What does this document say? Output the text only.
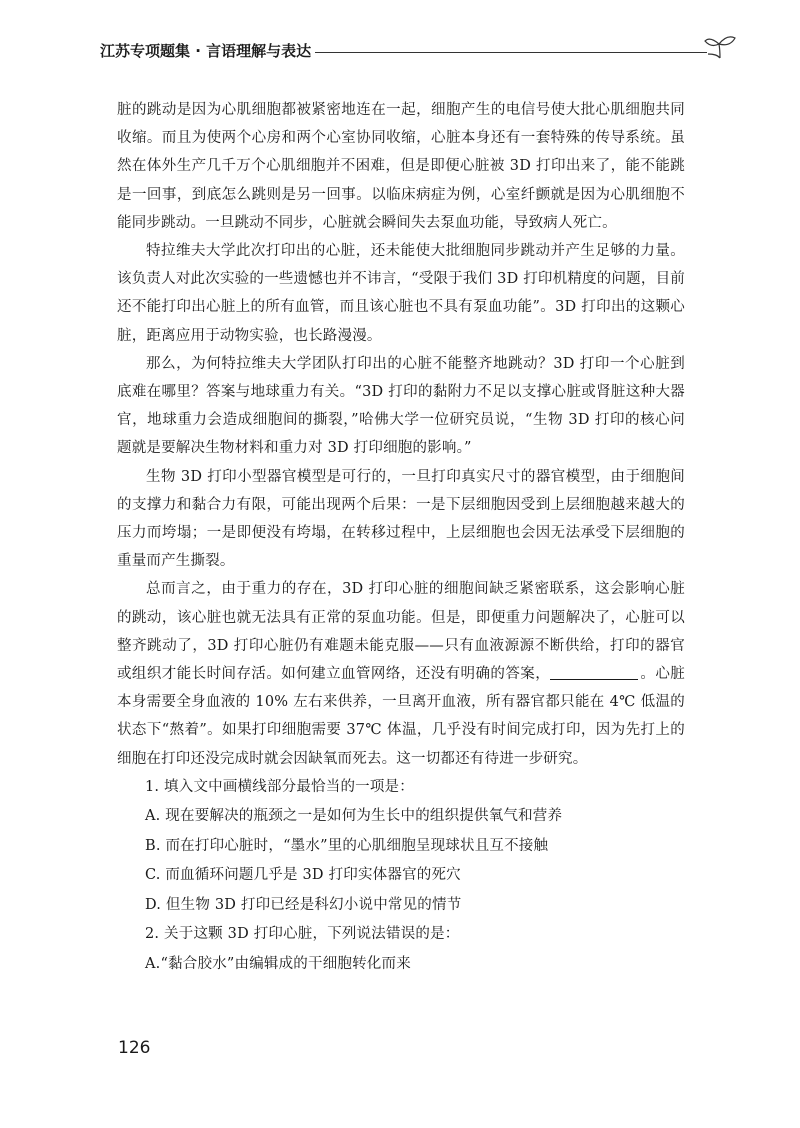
江苏专项题集 · 言语理解与表达

脏的跳动是因为心肌细胞都被紧密地连在一起，细胞产生的电信号使大批心肌细胞共同收缩。而且为使两个心房和两个心室协同收缩，心脏本身还有一套特殊的传导系统。虽然在体外生产几千万个心肌细胞并不困难，但是即便心脏被 3D 打印出来了，能不能跳是一回事，到底怎么跳则是另一回事。以临床病症为例，心室纤颤就是因为心肌细胞不能同步跳动。一旦跳动不同步，心脏就会瞬间失去泵血功能，导致病人死亡。

特拉维夫大学此次打印出的心脏，还未能使大批细胞同步跳动并产生足够的力量。该负责人对此次实验的一些遗憾也并不讳言，“受限于我们 3D 打印机精度的问题，目前还不能打印出心脏上的所有血管，而且该心脏也不具有泵血功能”。3D 打印出的这颗心脏，距离应用于动物实验，也长路漫漫。

那么，为何特拉维夫大学团队打印出的心脏不能整齐地跳动？3D 打印一个心脏到底难在哪里？答案与地球重力有关。“3D 打印的黏附力不足以支撑心脏或肾脏这种大器官，地球重力会造成细胞间的撕裂，”哈佛大学一位研究员说，“生物 3D 打印的核心问题就是要解决生物材料和重力对 3D 打印细胞的影响。”

生物 3D 打印小型器官模型是可行的，一旦打印真实尺寸的器官模型，由于细胞间的支撑力和黏合力有限，可能出现两个后果：一是下层细胞因受到上层细胞越来越大的压力而垮塌；一是即便没有垮塌，在转移过程中，上层细胞也会因无法承受下层细胞的重量而产生撕裂。

总而言之，由于重力的存在，3D 打印心脏的细胞间缺乏紧密联系，这会影响心脏的跳动，该心脏也就无法具有正常的泵血功能。但是，即便重力问题解决了，心脏可以整齐跳动了，3D 打印心脏仍有难题未能克服——只有血液源源不断供给，打印的器官或组织才能长时间存活。如何建立血管网络，还没有明确的答案，	。心脏本身需要全身血液的 10% 左右来供养，一旦离开血液，所有器官都只能在 4℃ 低温的状态下“熬着”。如果打印细胞需要 37℃ 体温，几乎没有时间完成打印，因为先打上的细胞在打印还没完成时就会因缺氧而死去。这一切都还有待进一步研究。

1. 填入文中画横线部分最恰当的一项是：

A. 现在要解决的瓶颈之一是如何为生长中的组织提供氧气和营养

B. 而在打印心脏时，“墨水”里的心肌细胞呈现球状且互不接触

C. 而血循环问题几乎是 3D 打印实体器官的死穴

D. 但生物 3D 打印已经是科幻小说中常见的情节

2. 关于这颗 3D 打印心脏，下列说法错误的是：

A.“黏合胶水”由编辑成的干细胞转化而来

126
